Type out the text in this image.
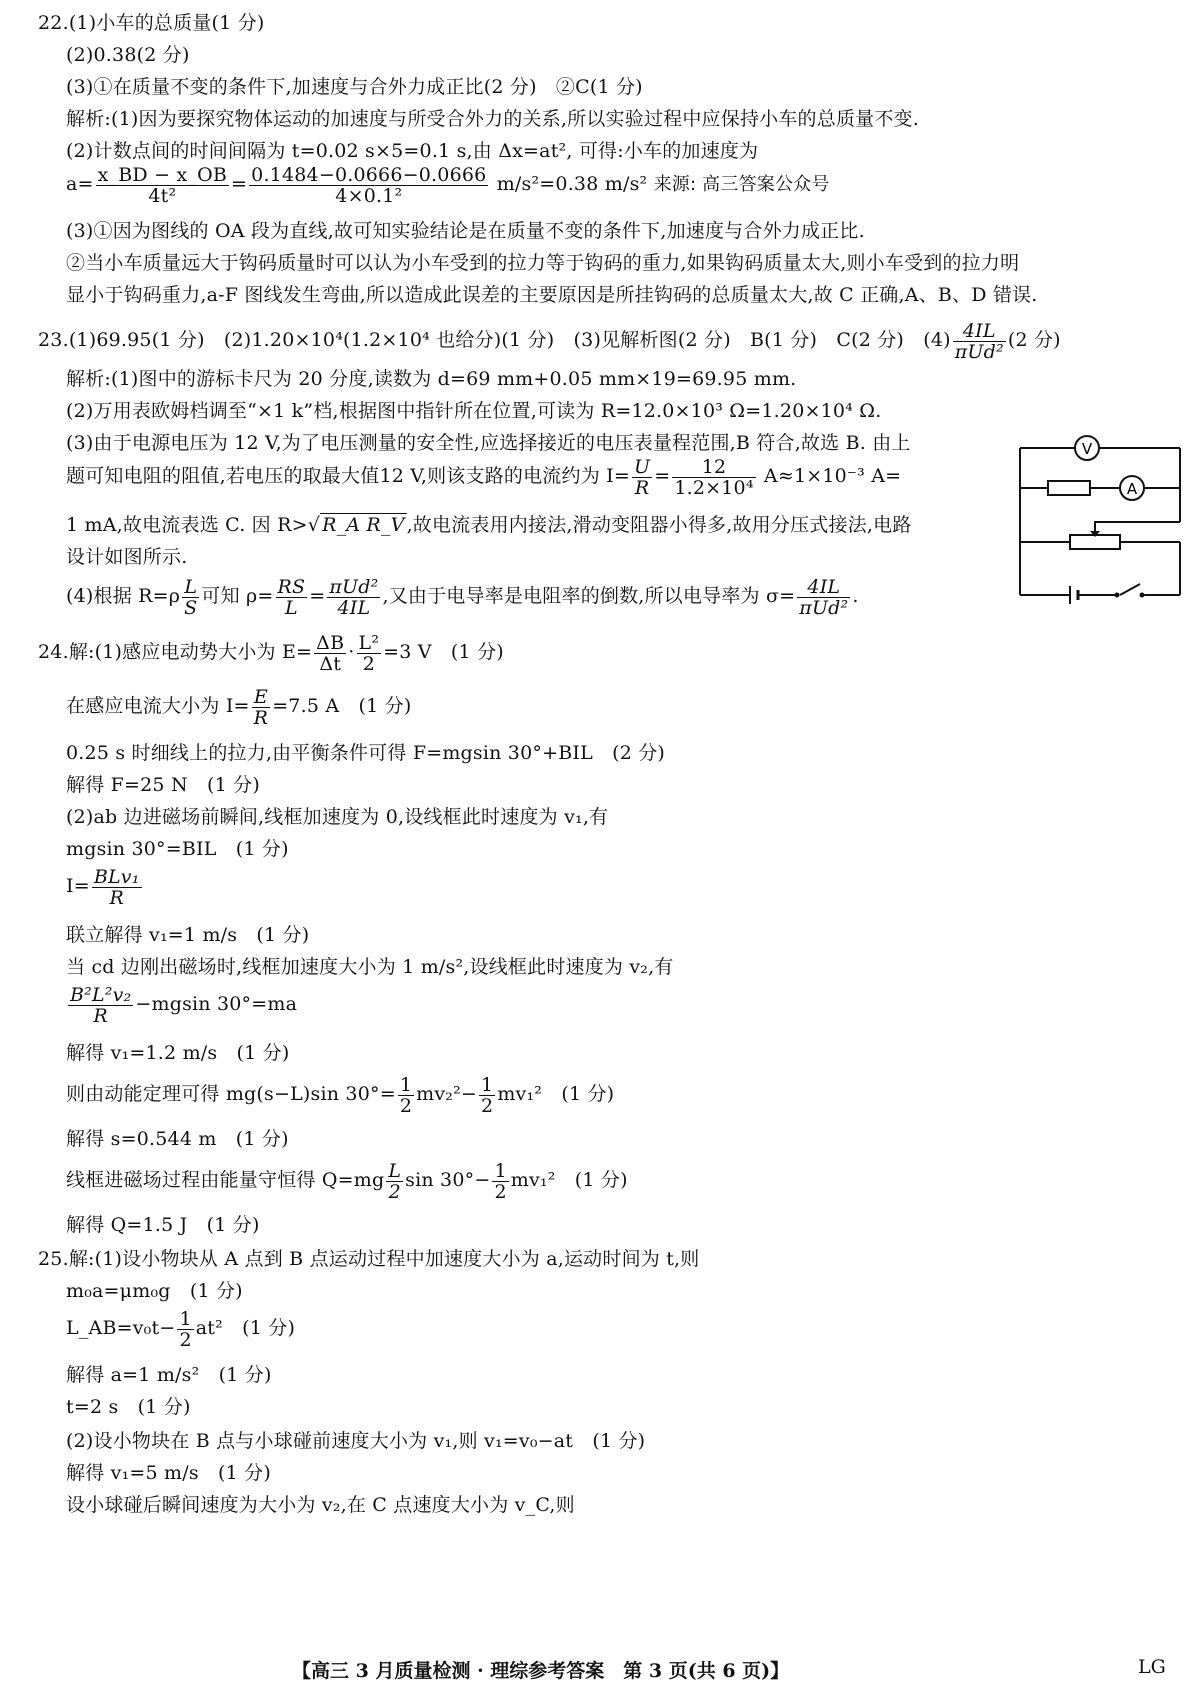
22.(1)小车的总质量(1 分)
(2)0.38(2 分)
(3)①在质量不变的条件下,加速度与合外力成正比(2 分)　②C(1 分)
解析:(1)因为要探究物体运动的加速度与所受合外力的关系,所以实验过程中应保持小车的总质量不变.
(2)计数点间的时间间隔为 t=0.02 s×5=0.1 s,由 Δx=at², 可得:小车的加速度为
$a= \frac{x\_BD - x\_OB}{\text{4t²}} = \frac{0.1484-0.0666-0.0666}{\text{4×0.1²}} m/s^2=0.38$ m/s² 来源: 高三答案公众号
(3)①因为图线的 OA 段为直线,故可知实验结论是在质量不变的条件下,加速度与合外力成正比.
②当小车质量远大于钩码质量时可以认为小车受到的拉力等于钩码的重力,如果钩码质量太大,则小车受到的拉力明
显小于钩码重力,a-F 图线发生弯曲,所以造成此误差的主要原因是所挂钩码的总质量太大,故 C 正确,A、B、D 错误.
23.(1)69.95(1 分)　(2)1.20×10⁴(1.2×10⁴ 也给分)(1 分)　(3)见解析图(2 分)　B(1 分)　C(2 分)　$(4) \frac{4IL}{\text{πUd²}} (2$ 分)
解析:(1)图中的游标卡尺为 20 分度,读数为 d=69 mm+0.05 mm×19=69.95 mm.
(2)万用表欧姆档调至“×1 k”档,根据图中指针所在位置,可读为 R=12.0×10³ Ω=1.20×10⁴ Ω.
(3)由于电源电压为 12 V,为了电压测量的安全性,应选择接近的电压表量程范围,B 符合,故选 B. 由上
题可知电阻的阻值,若电压的取最大值12 V,则该支路的电流约为 $I= \frac{U}{R} = \frac{12}{\text{1.2×10⁴}} A\approx 1\times 10^{-3}$ A=
1 mA,故电流表选 C. 因 R>√ R_A R_V ,故电流表用内接法,滑动变阻器小得多,故用分压式接法,电路
设计如图所示.
(4)根据 $R=\rho \frac{L}{S}$ 可知 $\rho= \frac{RS}{L} = \frac{\text{πUd²}}{4IL}$ ,又由于电导率是电阻率的倒数,所以电导率为 $\sigma= \frac{4IL}{\text{πUd²}}$ .
V
A
24.解:(1)感应电动势大小为 $E= \frac{\Delta B}{\Delta t} \cdot \frac{\text{L²}}{2} =3$ V　(1 分)
在感应电流大小为 $I= \frac{E}{R} =7.5$ A　(1 分)
0.25 s 时细线上的拉力,由平衡条件可得 F=mgsin 30°+BIL　(2 分)
解得 F=25 N　(1 分)
(2)ab 边进磁场前瞬间,线框加速度为 0,设线框此时速度为 v₁,有
mgsin 30°=BIL　(1 分)
$I= \frac{\text{BLv₁}}{R}$
联立解得 v₁=1 m/s　(1 分)
当 cd 边刚出磁场时,线框加速度大小为 1 m/s²,设线框此时速度为 v₂,有
$\frac{\text{B²L²v₂}}{R} -mgsin$ 30°=ma
解得 v₁=1.2 m/s　(1 分)
则由动能定理可得 mg(s−L)sin $30^\circ= \frac{1}{2} mv_2^2- \frac{1}{2} mv_1^2$　(1 分)
解得 s=0.544 m　(1 分)
线框进磁场过程由能量守恒得 $Q=mg \frac{L}{2}$ $\sin 30^\circ- \frac{1}{2} mv_1^2$　(1 分)
解得 Q=1.5 J　(1 分)
25.解:(1)设小物块从 A 点到 B 点运动过程中加速度大小为 a,运动时间为 t,则
m₀a=μm₀g　(1 分)
L_AB=v₀t− $\frac{1}{2} at^2$　(1 分)
解得 a=1 m/s²　(1 分)
t=2 s　(1 分)
(2)设小物块在 B 点与小球碰前速度大小为 v₁,则 v₁=v₀−at　(1 分)
解得 v₁=5 m/s　(1 分)
设小球碰后瞬间速度为大小为 v₂,在 C 点速度大小为 v_C,则
【高三 3 月质量检测 · 理综参考答案　第 3 页(共 6 页)】	LG
